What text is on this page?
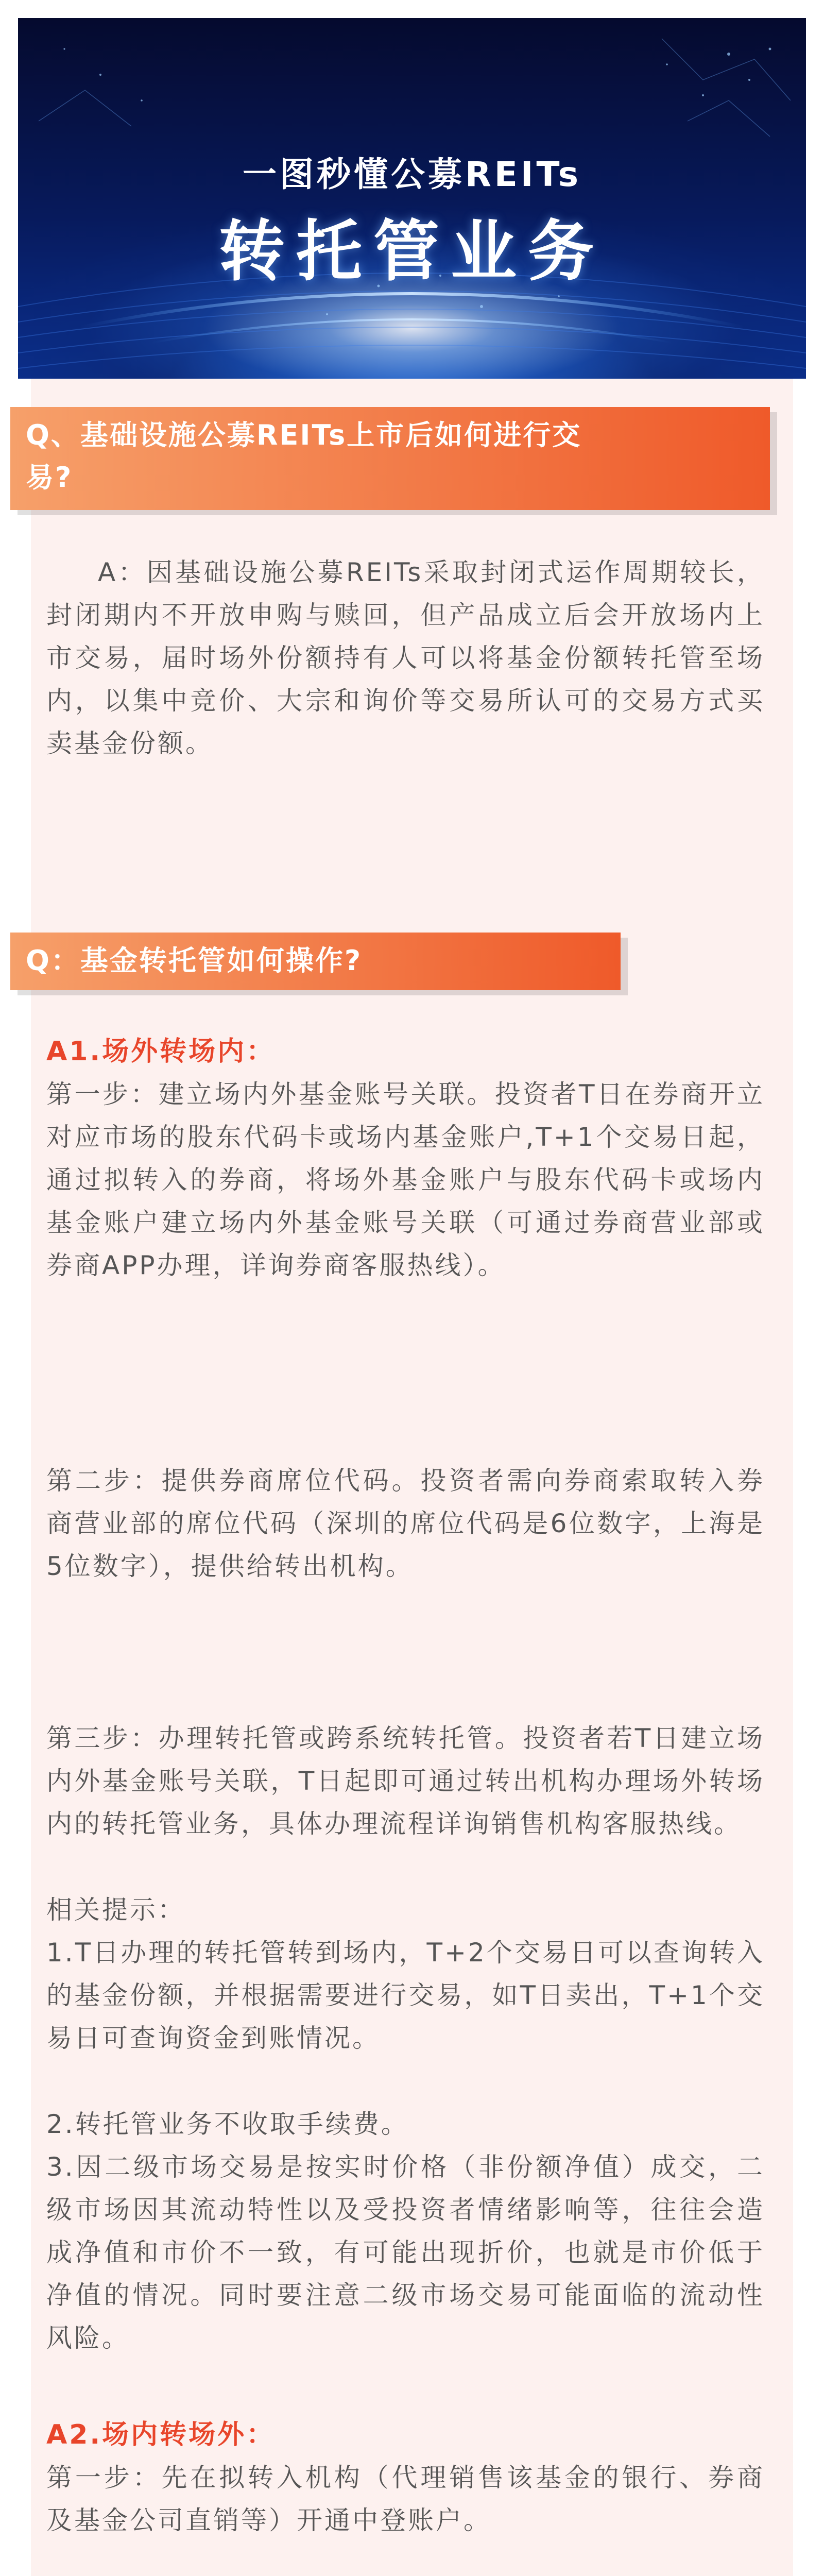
一图秒懂公募REITs
转托管业务
Q、基础设施公募REITs上市后如何进行交
易?

A：因基础设施公募REITs采取封闭式运作周期较长，封闭期内不开放申购与赎回，但产品成立后会开放场内上市交易，届时场外份额持有人可以将基金份额转托管至场内，以集中竞价、大宗和询价等交易所认可的交易方式买卖基金份额。

Q：基金转托管如何操作?

A1.场外转场内：

第一步：建立场内外基金账号关联。投资者T日在券商开立对应市场的股东代码卡或场内基金账户,T+1个交易日起，通过拟转入的券商，将场外基金账户与股东代码卡或场内基金账户建立场内外基金账号关联（可通过券商营业部或券商APP办理，详询券商客服热线）。

第二步：提供券商席位代码。投资者需向券商索取转入券商营业部的席位代码（深圳的席位代码是6位数字，上海是5位数字），提供给转出机构。

第三步：办理转托管或跨系统转托管。投资者若T日建立场内外基金账号关联，T日起即可通过转出机构办理场外转场内的转托管业务，具体办理流程详询销售机构客服热线。

相关提示：

1.T日办理的转托管转到场内，T+2个交易日可以查询转入的基金份额，并根据需要进行交易，如T日卖出，T+1个交易日可查询资金到账情况。

2.转托管业务不收取手续费。

3.因二级市场交易是按实时价格（非份额净值）成交，二级市场因其流动特性以及受投资者情绪影响等，往往会造成净值和市价不一致，有可能出现折价，也就是市价低于净值的情况。同时要注意二级市场交易可能面临的流动性风险。

A2.场内转场外：

第一步：先在拟转入机构（代理销售该基金的银行、券商及基金公司直销等）开通中登账户。
